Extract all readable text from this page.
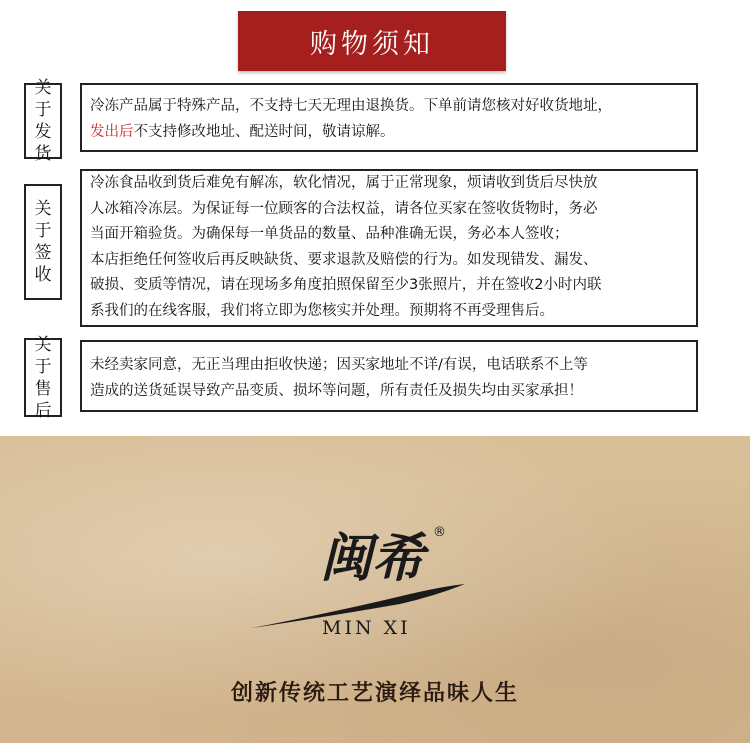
购物须知
关
于
发
货
冷冻产品属于特殊产品，不支持七天无理由退换货。下单前请您核对好收货地址，
发出后不支持修改地址、配送时间，敬请谅解。
关
于
签
收
冷冻食品收到货后难免有解冻，软化情况，属于正常现象，烦请收到货后尽快放
人冰箱冷冻层。为保证每一位顾客的合法权益，请各位买家在签收货物时，务必
当面开箱验货。为确保每一单货品的数量、品种准确无误，务必本人签收；
本店拒绝任何签收后再反映缺货、要求退款及赔偿的行为。如发现错发、漏发、
破损、变质等情况，请在现场多角度拍照保留至少3张照片，并在签收2小时内联
系我们的在线客服，我们将立即为您核实并处理。预期将不再受理售后。
关
于
售
后
未经卖家同意，无正当理由拒收快递；因买家地址不详/有误，电话联系不上等
造成的送货延误导致产品变质、损坏等问题，所有责任及损失均由买家承担！
闽希 ®
MIN XI
创新传统工艺演绎品味人生
